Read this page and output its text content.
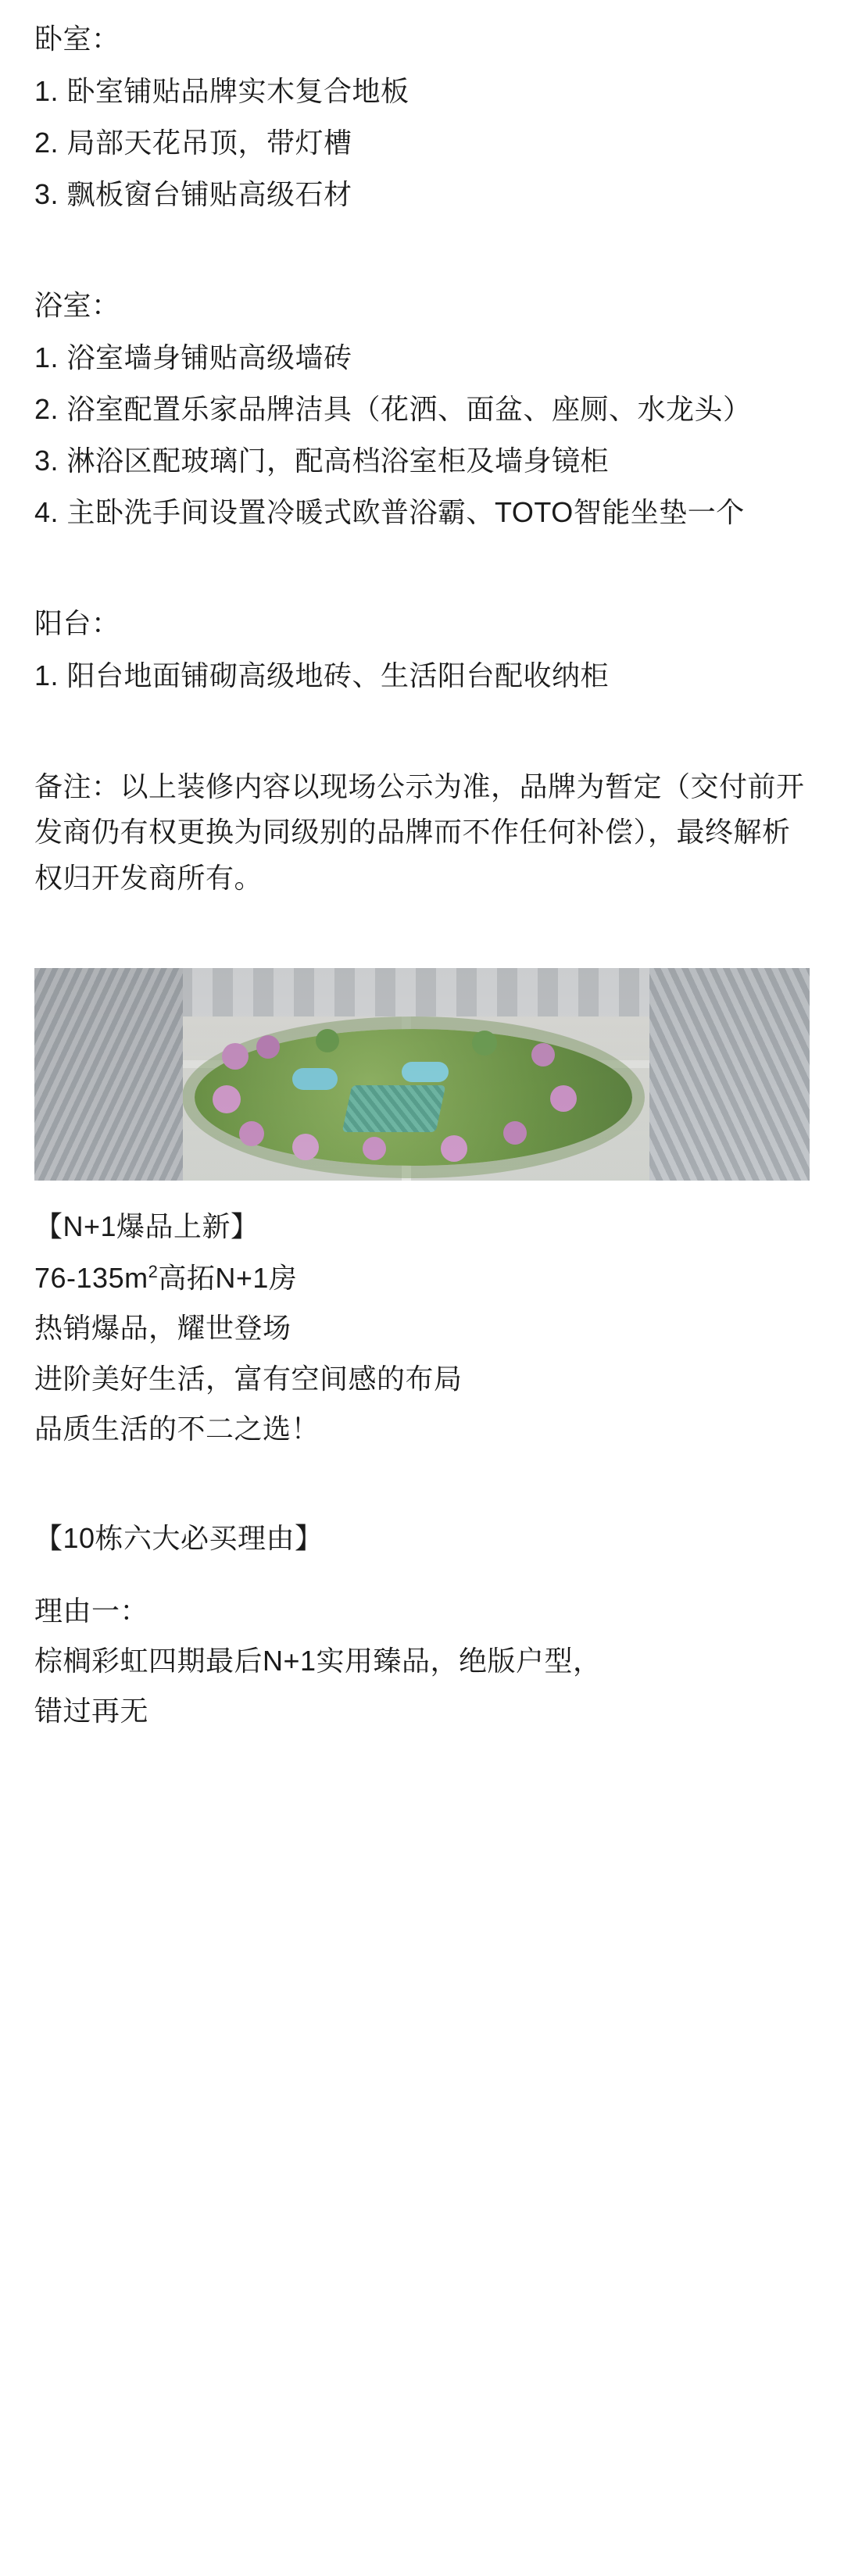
卧室：

1. 卧室铺贴品牌实木复合地板
2. 局部天花吊顶，带灯槽
3. 飘板窗台铺贴高级石材

浴室：

1. 浴室墙身铺贴高级墙砖
2. 浴室配置乐家品牌洁具（花洒、面盆、座厕、水龙头）
3. 淋浴区配玻璃门，配高档浴室柜及墙身镜柜
4. 主卧洗手间设置冷暖式欧普浴霸、TOTO智能坐垫一个

阳台：

1. 阳台地面铺砌高级地砖、生活阳台配收纳柜

备注：以上装修内容以现场公示为准，品牌为暂定（交付前开发商仍有权更换为同级别的品牌而不作任何补偿），最终解析权归开发商所有。

【N+1爆品上新】

$76-135m^2$高拓N+1房

热销爆品，耀世登场

进阶美好生活，富有空间感的布局

品质生活的不二之选！

【10栋六大必买理由】

理由一：

棕榈彩虹四期最后N+1实用臻品，绝版户型，

错过再无
